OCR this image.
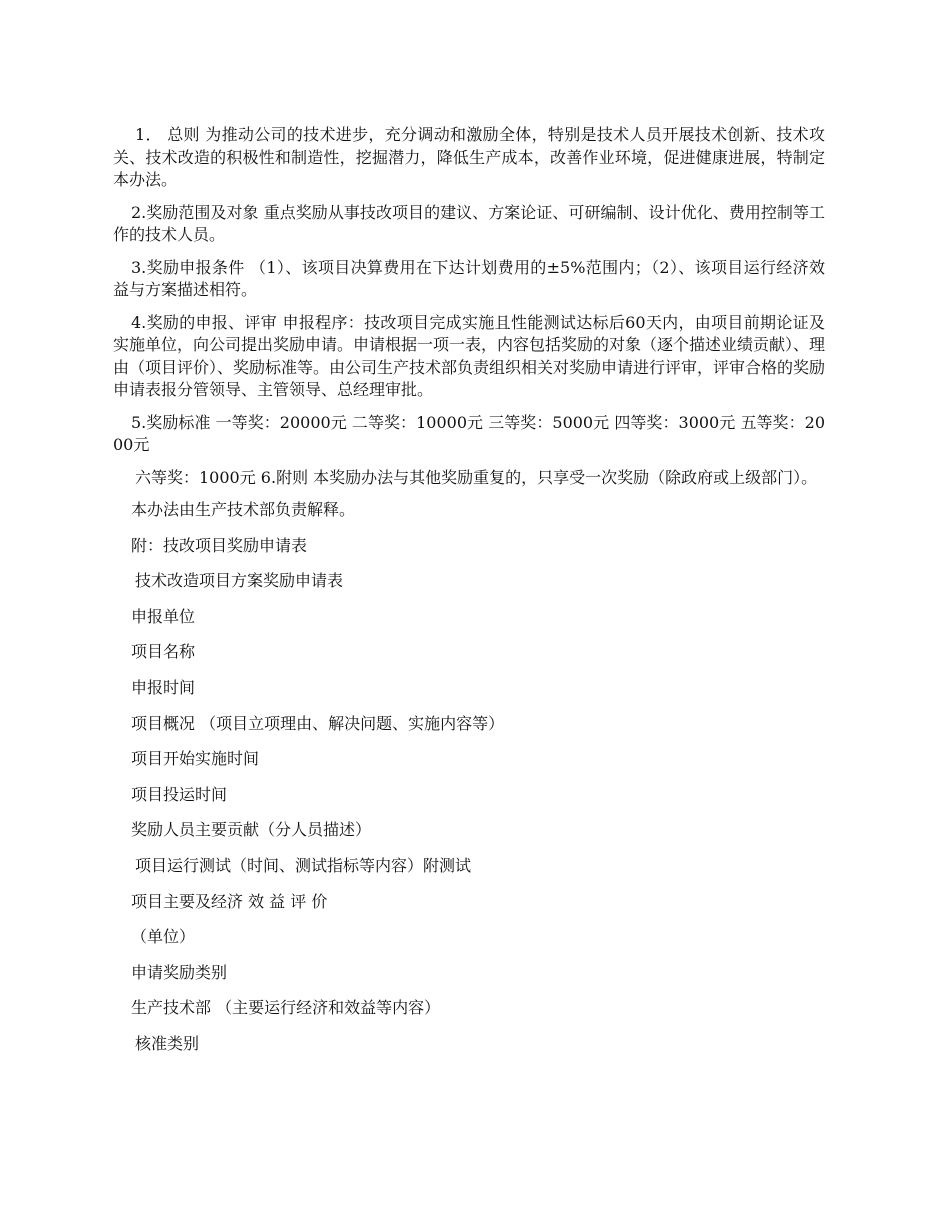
1． 总则 为推动公司的技术进步，充分调动和激励全体，特别是技术人员开展技术创新、技术攻关、技术改造的积极性和制造性，挖掘潜力，降低生产成本，改善作业环境，促进健康进展，特制定本办法。

2.奖励范围及对象 重点奖励从事技改项目的建议、方案论证、可研编制、设计优化、费用控制等工作的技术人员。

3.奖励申报条件 （1）、该项目决算费用在下达计划费用的±5%范围内；（2）、该项目运行经济效益与方案描述相符。

4.奖励的申报、评审 申报程序：技改项目完成实施且性能测试达标后60天内，由项目前期论证及实施单位，向公司提出奖励申请。申请根据一项一表，内容包括奖励的对象（逐个描述业绩贡献）、理由（项目评价）、奖励标准等。由公司生产技术部负责组织相关对奖励申请进行评审，评审合格的奖励申请表报分管领导、主管领导、总经理审批。

5.奖励标准 一等奖：20000元 二等奖：10000元 三等奖：5000元 四等奖：3000元 五等奖：2000元

六等奖：1000元 6.附则 本奖励办法与其他奖励重复的，只享受一次奖励（除政府或上级部门）。

本办法由生产技术部负责解释。
附：技改项目奖励申请表
技术改造项目方案奖励申请表
申报单位
项目名称
申报时间
项目概况 （项目立项理由、解决问题、实施内容等）
项目开始实施时间
项目投运时间
奖励人员主要贡献（分人员描述）
项目运行测试（时间、测试指标等内容）附测试
项目主要及经济 效 益 评 价
（单位）
申请奖励类别
生产技术部 （主要运行经济和效益等内容）
核准类别
